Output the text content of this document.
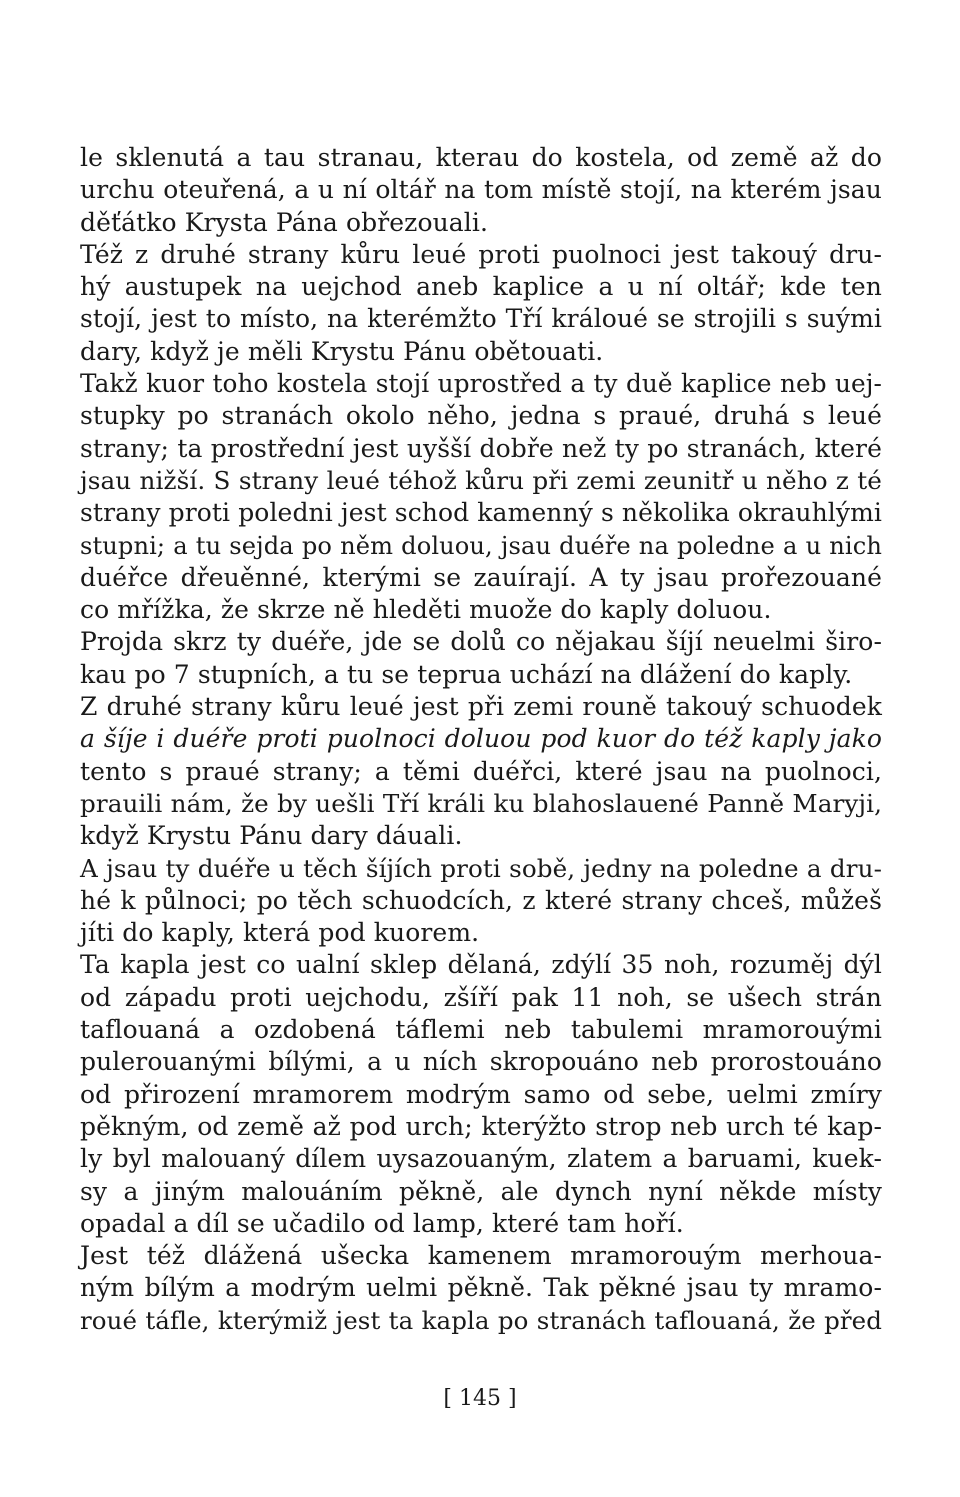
le sklenutá a tau stranau, kterau do kostela, od země až do
urchu oteuřená, a u ní oltář na tom místě stojí, na kterém jsau
děťátko Krysta Pána obřezouali.

Též z druhé strany kůru leué proti puolnoci jest takouý dru-
hý austupek na uejchod aneb kaplice a u ní oltář; kde ten
stojí, jest to místo, na kterémžto Tří králoué se strojili s suými
dary, když je měli Krystu Pánu obětouati.

Takž kuor toho kostela stojí uprostřed a ty duě kaplice neb uej-
stupky po stranách okolo něho, jedna s praué, druhá s leué
strany; ta prostřední jest uyšší dobře než ty po stranách, které
jsau nižší. S strany leué téhož kůru při zemi zeunitř u něho z té
strany proti poledni jest schod kamenný s několika okrauhlými
stupni; a tu sejda po něm doluou, jsau duéře na poledne a u nich
duéřce dřeuěnné, kterými se zauírají. A ty jsau prořezouané
co mřížka, že skrze ně hleděti muože do kaply doluou.

Projda skrz ty duéře, jde se dolů co nějakau šíjí neuelmi širo-
kau po 7 stupních, a tu se tepruа uchází na dlážení do kaply.

Z druhé strany kůru leué jest při zemi rouně takouý schuodek
a šíje i duéře proti puolnoci doluou pod kuor do též kaply jako
tento s praué strany; a těmi duéřci, které jsau na puolnoci,
prauili nám, že by uešli Tří králi ku blahoslauené Panně Maryji,
když Krystu Pánu dary dáuali.

A jsau ty duéře u těch šíjích proti sobě, jedny na poledne a dru-
hé k půlnoci; po těch schuodcích, z které strany chceš, můžeš
jíti do kaply, která pod kuorem.

Ta kapla jest co ualní sklep dělaná, zdýlí 35 noh, rozuměj dýl
od západu proti uejchodu, zšíří pak 11 noh, se ušech strán
taflouaná a ozdobená táflemi neb tabulemi mramorouými
pulerouanými bílými, a u ních skropouáno neb prorostouáno
od přirození mramorem modrým samo od sebe, uelmi zmíry
pěkným, od země až pod urch; kterýžto strop neb urch té kap-
ly byl malouaný dílem uysazouaným, zlatem a baruami, kuek-
sy a jiným malouáním pěkně, ale dynch nyní někde místy
opadal a díl se učadilo od lamp, které tam hoří.

Jest též dlážená ušecka kamenem mramorouým merhoua-
ným bílým a modrým uelmi pěkně. Tak pěkné jsau ty mramo-
roué táfle, kterýmiž jest ta kapla po stranách taflouaná, že před

[ 145 ]
